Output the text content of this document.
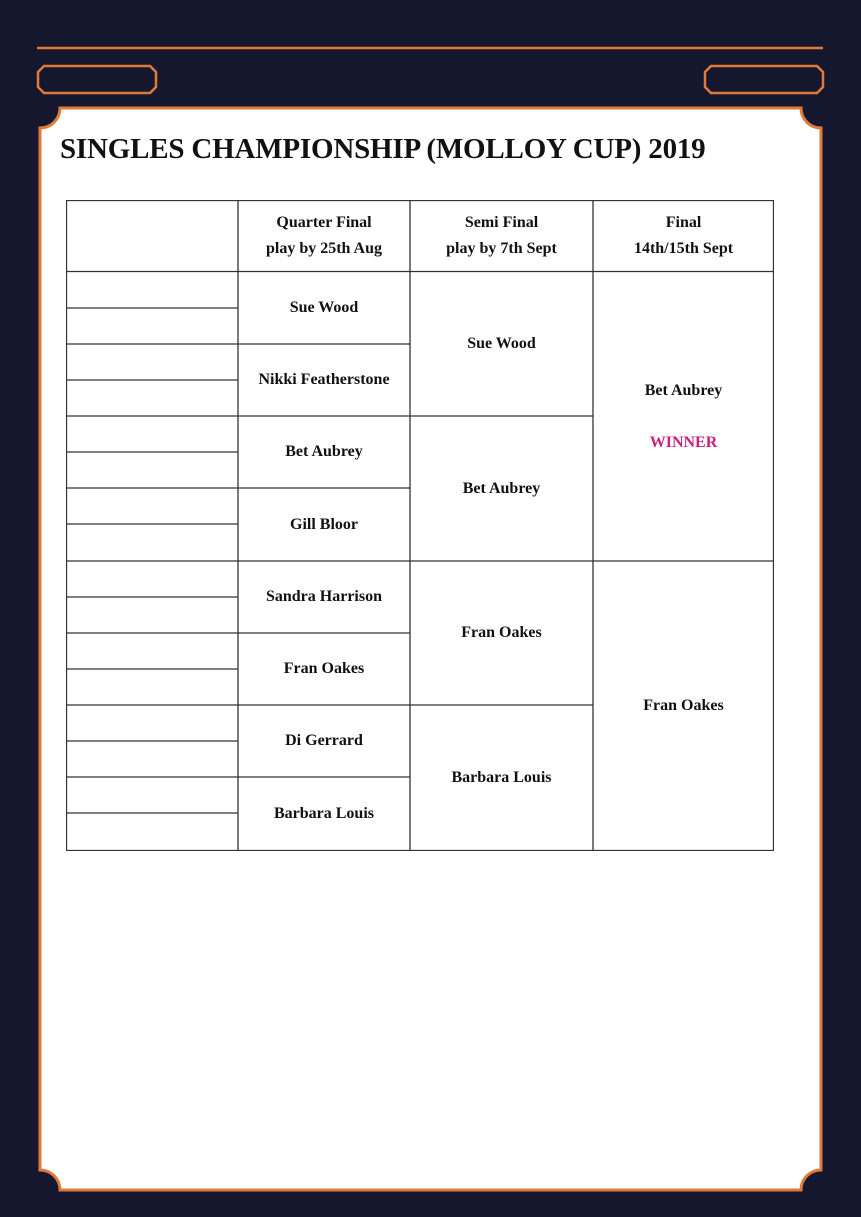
SINGLES CHAMPIONSHIP (MOLLOY CUP) 2019
Quarter Final
play by 25th Aug
Semi Final
play by 7th Sept
Final
14th/15th Sept
Sue Wood
Nikki Featherstone
Bet Aubrey
Gill Bloor
Sandra Harrison
Fran Oakes
Di Gerrard
Barbara Louis
Sue Wood
Bet Aubrey
Fran Oakes
Barbara Louis
Bet Aubrey
WINNER
Fran Oakes
